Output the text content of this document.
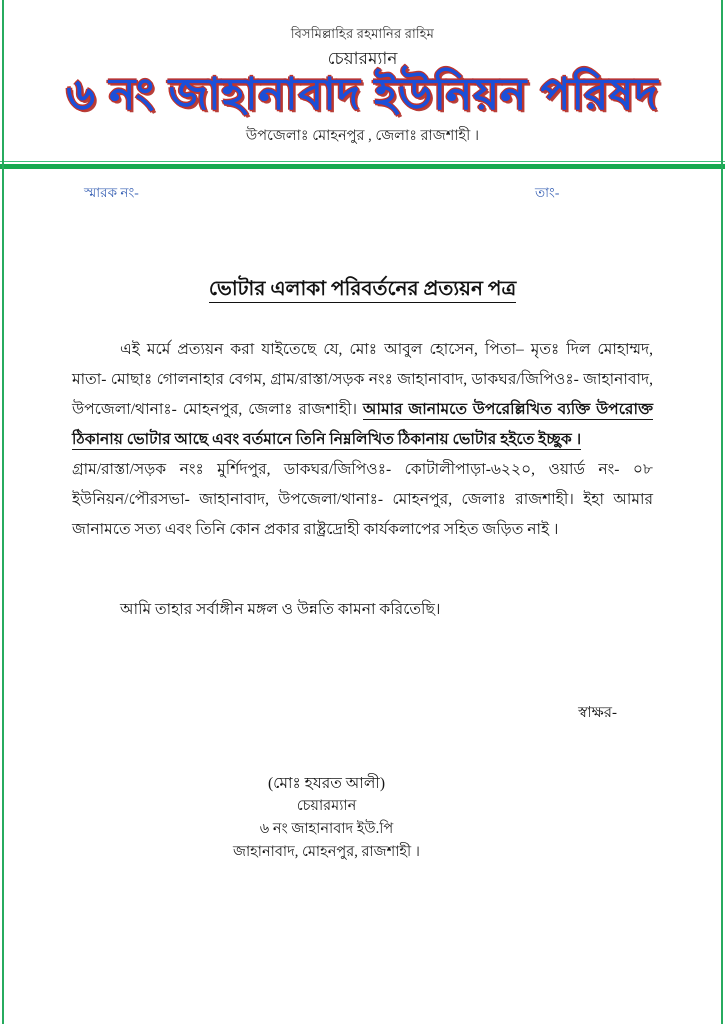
বিসমিল্লাহির রহমানির রাহিম
চেয়ারম্যান
৬ নং জাহানাবাদ ইউনিয়ন পরিষদ
উপজেলাঃ মোহনপুর , জেলাঃ রাজশাহী ।
স্মারক নং-	তাং-
ভোটার এলাকা পরিবর্তনের প্রত্যয়ন পত্র

এই মর্মে প্রত্যয়ন করা যাইতেছে যে, মোঃ আবুল হোসেন, পিতা– মৃতঃ দিল মোহাম্মদ,
মাতা- মোছাঃ গোলনাহার বেগম, গ্রাম/রাস্তা/সড়ক নংঃ জাহানাবাদ, ডাকঘর/জিপিওঃ- জাহানাবাদ,
উপজেলা/থানাঃ- মোহনপুর, জেলাঃ রাজশাহী। আমার জানামতে উপরেল্লিখিত ব্যক্তি উপরোক্ত
ঠিকানায় ভোটার আছে এবং বর্তমানে তিনি নিম্নলিখিত ঠিকানায় ভোটার হইতে ইচ্ছুক ।
গ্রাম/রাস্তা/সড়ক নংঃ মুর্শিদপুর, ডাকঘর/জিপিওঃ- কোটালীপাড়া-৬২২০, ওয়ার্ড নং- ০৮
ইউনিয়ন/পৌরসভা- জাহানাবাদ, উপজেলা/থানাঃ- মোহনপুর, জেলাঃ রাজশাহী। ইহা আমার
জানামতে সত্য এবং তিনি কোন প্রকার রাষ্ট্রদ্রোহী কার্যকলাপের সহিত জড়িত নাই ।

আমি তাহার সর্বাঙ্গীন মঙ্গল ও উন্নতি কামনা করিতেছি।
স্বাক্ষর-
(মোঃ হযরত আলী)
চেয়ারম্যান
৬ নং জাহানাবাদ ইউ.পি
জাহানাবাদ, মোহনপুর, রাজশাহী ।
